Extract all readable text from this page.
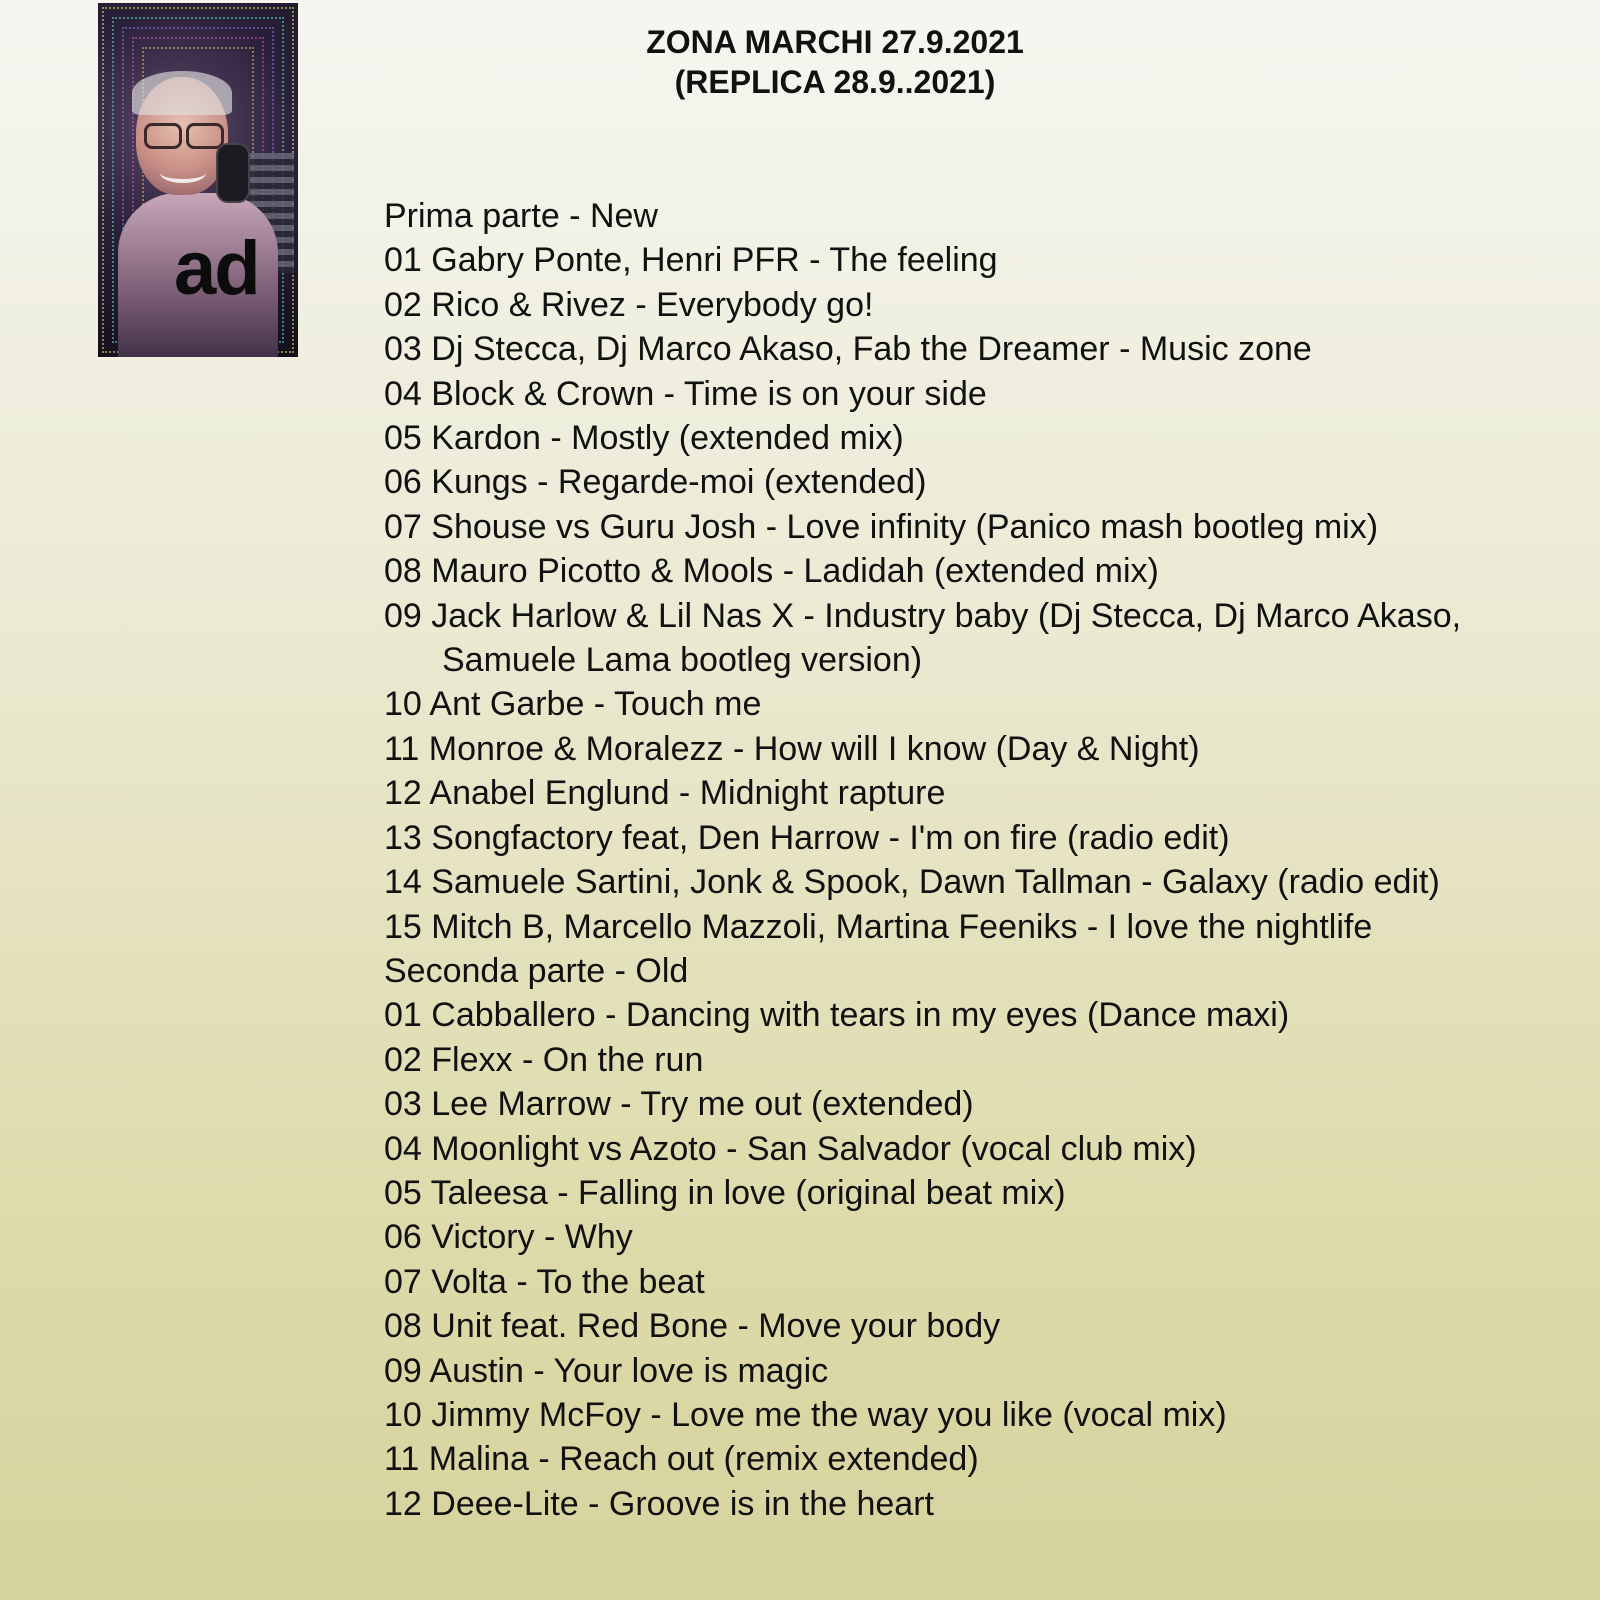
ad
ZONA MARCHI 27.9.2021
(REPLICA 28.9..2021)
Prima parte - New
01 Gabry Ponte, Henri PFR - The feeling
02 Rico & Rivez - Everybody go!
03 Dj Stecca, Dj Marco Akaso, Fab the Dreamer - Music zone
04 Block & Crown - Time is on your side
05 Kardon - Mostly (extended mix)
06 Kungs - Regarde-moi (extended)
07 Shouse vs Guru Josh - Love infinity (Panico mash bootleg mix)
08 Mauro Picotto & Mools - Ladidah (extended mix)
09 Jack Harlow & Lil Nas X - Industry baby (Dj Stecca, Dj Marco Akaso,
Samuele Lama bootleg version)
10 Ant Garbe - Touch me
11 Monroe & Moralezz - How will I know (Day & Night)
12 Anabel Englund - Midnight rapture
13 Songfactory feat, Den Harrow - I'm on fire (radio edit)
14 Samuele Sartini, Jonk & Spook, Dawn Tallman - Galaxy (radio edit)
15 Mitch B, Marcello Mazzoli, Martina Feeniks - I love the nightlife
Seconda parte - Old
01 Cabballero - Dancing with tears in my eyes (Dance maxi)
02 Flexx - On the run
03 Lee Marrow - Try me out (extended)
04 Moonlight vs Azoto - San Salvador (vocal club mix)
05 Taleesa - Falling in love (original beat mix)
06 Victory - Why
07 Volta - To the beat
08 Unit feat. Red Bone - Move your body
09 Austin - Your love is magic
10 Jimmy McFoy - Love me the way you like (vocal mix)
11 Malina - Reach out (remix extended)
12 Deee-Lite - Groove is in the heart
